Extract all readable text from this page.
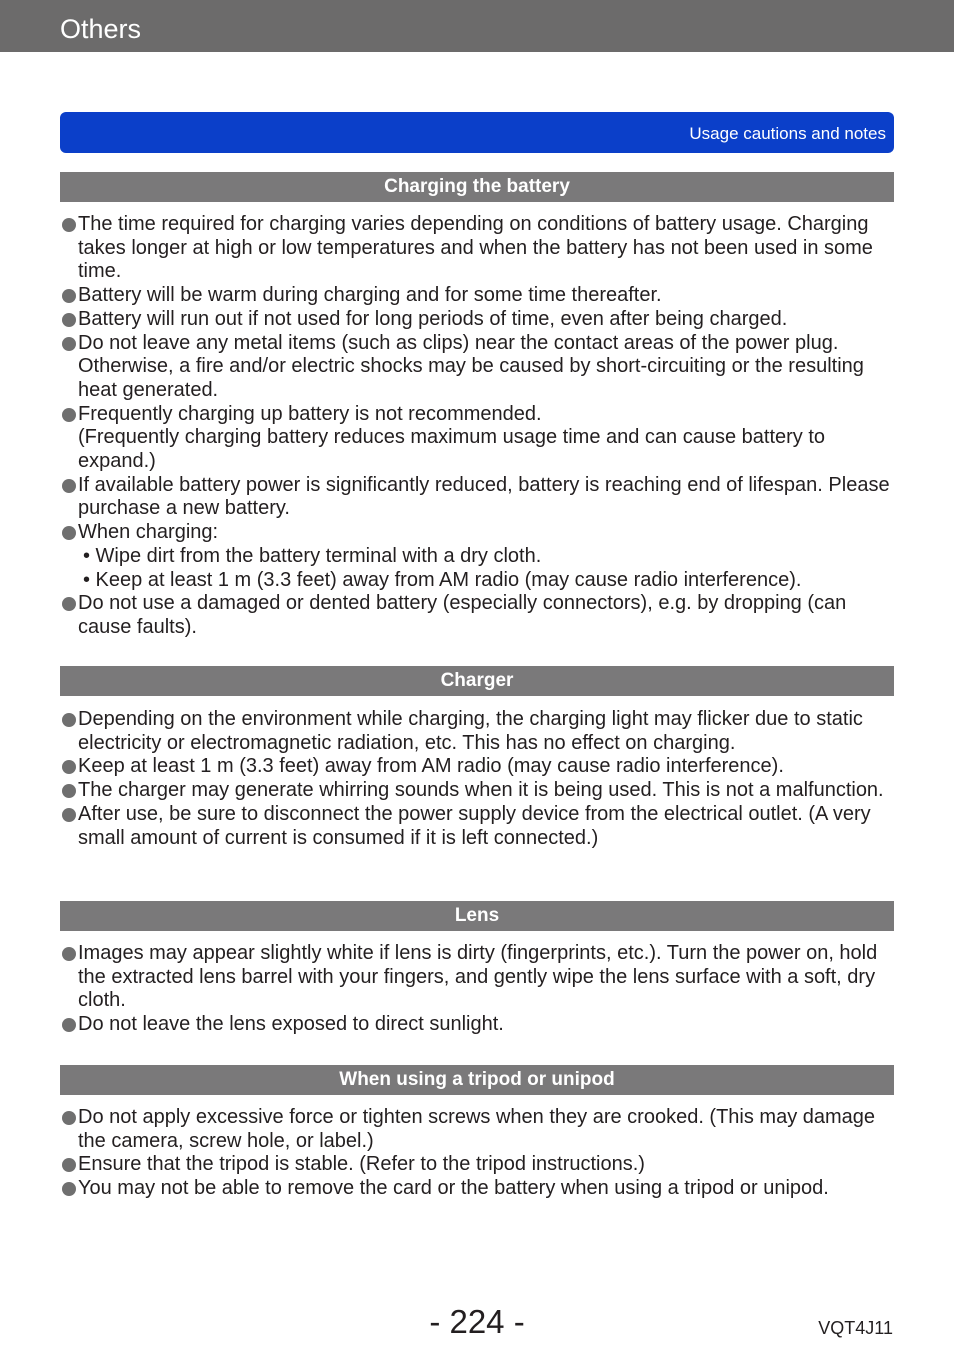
Others
Usage cautions and notes
Charging the battery
The time required for charging varies depending on conditions of battery usage. Charging takes longer at high or low temperatures and when the battery has not been used in some time.
Battery will be warm during charging and for some time thereafter.
Battery will run out if not used for long periods of time, even after being charged.
Do not leave any metal items (such as clips) near the contact areas of the power plug. Otherwise, a fire and/or electric shocks may be caused by short-circuiting or the resulting heat generated.
Frequently charging up battery is not recommended.
(Frequently charging battery reduces maximum usage time and can cause battery to expand.)
If available battery power is significantly reduced, battery is reaching end of lifespan. Please purchase a new battery.
When charging:
• Wipe dirt from the battery terminal with a dry cloth.
• Keep at least 1 m (3.3 feet) away from AM radio (may cause radio interference).
Do not use a damaged or dented battery (especially connectors), e.g. by dropping (can cause faults).
Charger
Depending on the environment while charging, the charging light may flicker due to static electricity or electromagnetic radiation, etc. This has no effect on charging.
Keep at least 1 m (3.3 feet) away from AM radio (may cause radio interference).
The charger may generate whirring sounds when it is being used. This is not a malfunction.
After use, be sure to disconnect the power supply device from the electrical outlet. (A very small amount of current is consumed if it is left connected.)
Lens
Images may appear slightly white if lens is dirty (fingerprints, etc.). Turn the power on, hold the extracted lens barrel with your fingers, and gently wipe the lens surface with a soft, dry cloth.
Do not leave the lens exposed to direct sunlight.
When using a tripod or unipod
Do not apply excessive force or tighten screws when they are crooked. (This may damage the camera, screw hole, or label.)
Ensure that the tripod is stable. (Refer to the tripod instructions.)
You may not be able to remove the card or the battery when using a tripod or unipod.
- 224 -	VQT4J11
